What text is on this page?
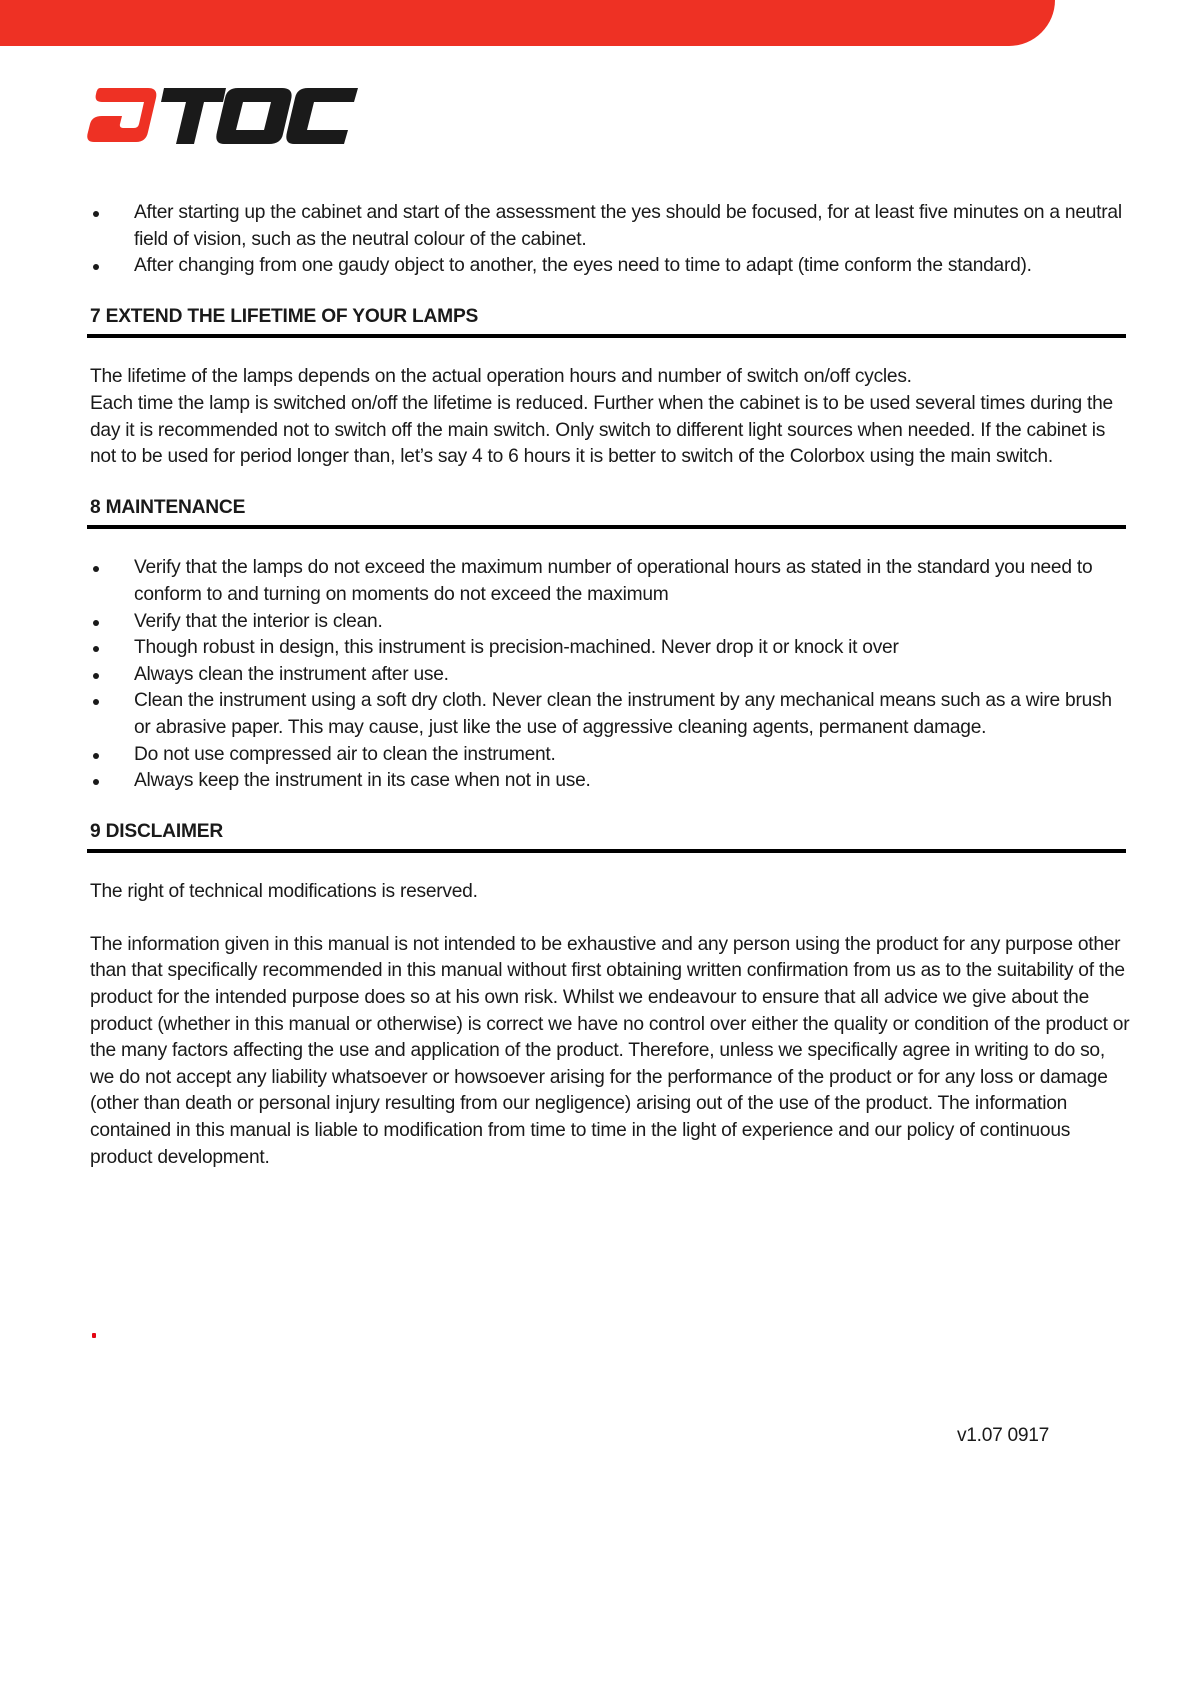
After starting up the cabinet and start of the assessment the yes should be focused, for at least five minutes on a neutral field of vision, such as the neutral colour of the cabinet.
After changing from one gaudy object to another, the eyes need to time to adapt (time conform the standard).
7 EXTEND THE LIFETIME OF YOUR LAMPS

The lifetime of the lamps depends on the actual operation hours and number of switch on/off cycles.

Each time the lamp is switched on/off the lifetime is reduced. Further when the cabinet is to be used several times during the day it is recommended not to switch off the main switch. Only switch to different light sources when needed. If the cabinet is not to be used for period longer than, let’s say 4 to 6 hours it is better to switch of the Colorbox using the main switch.

8 MAINTENANCE
Verify that the lamps do not exceed the maximum number of operational hours as stated in the standard you need to conform to and turning on moments do not exceed the maximum
Verify that the interior is clean.
Though robust in design, this instrument is precision-machined. Never drop it or knock it over
Always clean the instrument after use.
Clean the instrument using a soft dry cloth. Never clean the instrument by any mechanical means such as a wire brush or abrasive paper. This may cause, just like the use of aggressive cleaning agents, permanent damage.
Do not use compressed air to clean the instrument.
Always keep the instrument in its case when not in use.
9 DISCLAIMER

The right of technical modifications is reserved.

The information given in this manual is not intended to be exhaustive and any person using the product for any purpose other than that specifically recommended in this manual without first obtaining written confirmation from us as to the suitability of the product for the intended purpose does so at his own risk. Whilst we endeavour to ensure that all advice we give about the product (whether in this manual or otherwise) is correct we have no control over either the quality or condition of the product or the many factors affecting the use and application of the product. Therefore, unless we specifically agree in writing to do so, we do not accept any liability whatsoever or howsoever arising for the performance of the product or for any loss or damage (other than death or personal injury resulting from our negligence) arising out of the use of the product. The information contained in this manual is liable to modification from time to time in the light of experience and our policy of continuous product development.

v1.07 0917
